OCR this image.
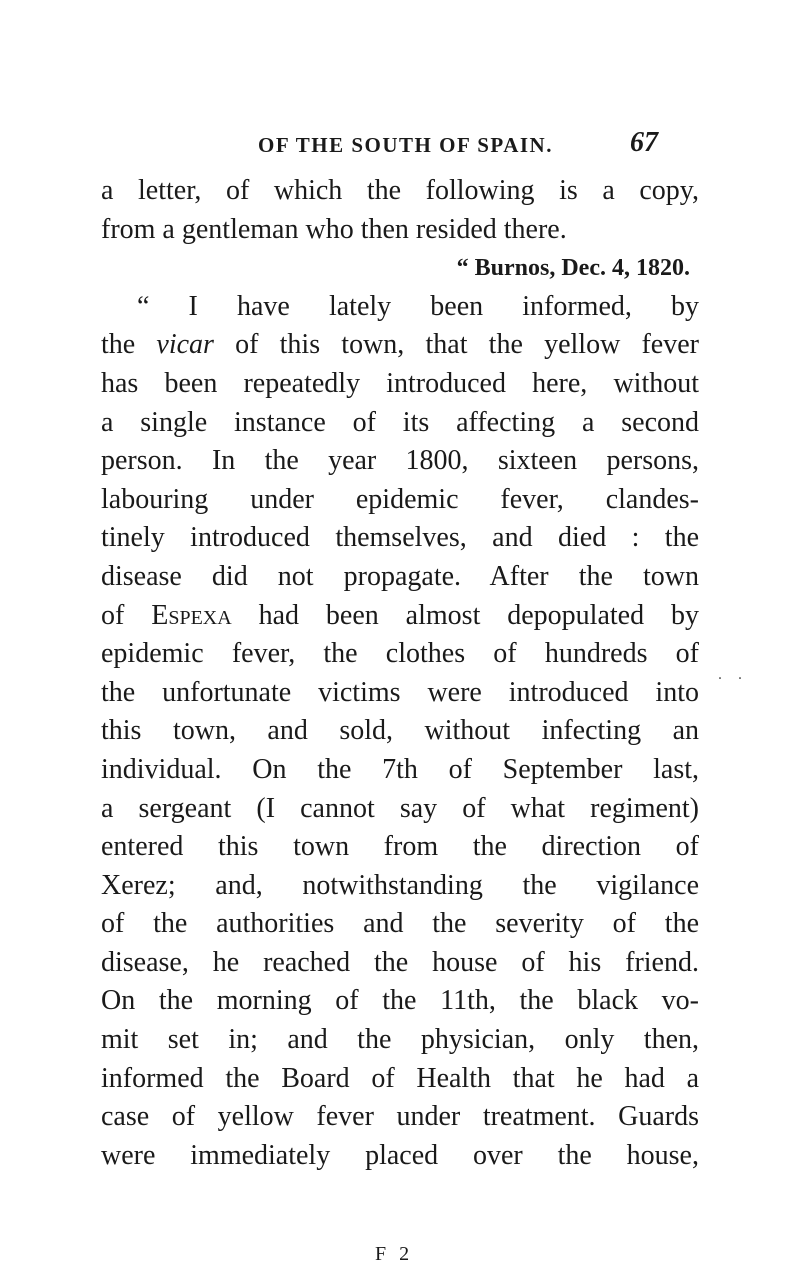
OF THE SOUTH OF SPAIN.	67
a letter, of which the following is a copy,
from a gentleman who then resided there.
“ Burnos, Dec. 4, 1820.
“ I have lately been informed, by
the vicar of this town, that the yellow fever
has been repeatedly introduced here, without
a single instance of its affecting a second
person. In the year 1800, sixteen persons,
labouring under epidemic fever, clandes-
tinely introduced themselves, and died : the
disease did not propagate. After the town
of Espexa had been almost depopulated by
epidemic fever, the clothes of hundreds of
the unfortunate victims were introduced into
this town, and sold, without infecting an
individual. On the 7th of September last,
a sergeant (I cannot say of what regiment)
entered this town from the direction of
Xerez; and, notwithstanding the vigilance
of the authorities and the severity of the
disease, he reached the house of his friend.
On the morning of the 11th, the black vo-
mit set in; and the physician, only then,
informed the Board of Health that he had a
case of yellow fever under treatment. Guards
were immediately placed over the house,
. .
F 2
